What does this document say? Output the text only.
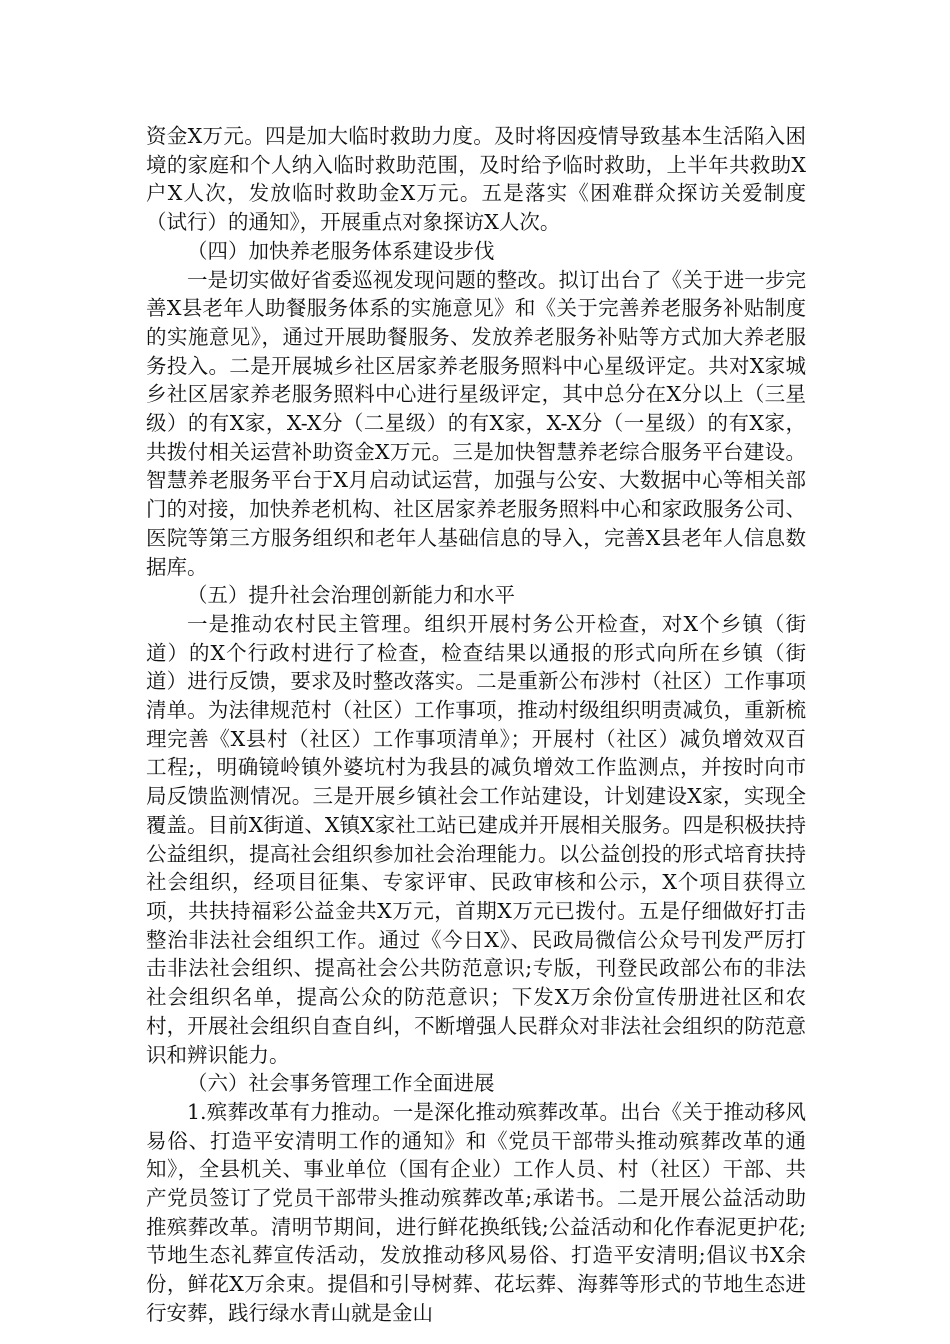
资金X万元。四是加大临时救助力度。及时将因疫情导致基本生活陷入困境的家庭和个人纳入临时救助范围，及时给予临时救助，上半年共救助X户X人次，发放临时救助金X万元。五是落实《困难群众探访关爱制度（试行）的通知》，开展重点对象探访X人次。

（四）加快养老服务体系建设步伐

一是切实做好省委巡视发现问题的整改。拟订出台了《关于进一步完善X县老年人助餐服务体系的实施意见》和《关于完善养老服务补贴制度的实施意见》，通过开展助餐服务、发放养老服务补贴等方式加大养老服务投入。二是开展城乡社区居家养老服务照料中心星级评定。共对X家城乡社区居家养老服务照料中心进行星级评定，其中总分在X分以上（三星级）的有X家，X-X分（二星级）的有X家，X-X分（一星级）的有X家，共拨付相关运营补助资金X万元。三是加快智慧养老综合服务平台建设。智慧养老服务平台于X月启动试运营，加强与公安、大数据中心等相关部门的对接，加快养老机构、社区居家养老服务照料中心和家政服务公司、医院等第三方服务组织和老年人基础信息的导入，完善X县老年人信息数据库。

（五）提升社会治理创新能力和水平

一是推动农村民主管理。组织开展村务公开检查，对X个乡镇（街道）的X个行政村进行了检查，检查结果以通报的形式向所在乡镇（街道）进行反馈，要求及时整改落实。二是重新公布涉村（社区）工作事项清单。为法律规范村（社区）工作事项，推动村级组织明责减负，重新梳理完善《X县村（社区）工作事项清单》；开展村（社区）减负增效双百工程;，明确镜岭镇外婆坑村为我县的减负增效工作监测点，并按时向市局反馈监测情况。三是开展乡镇社会工作站建设，计划建设X家，实现全覆盖。目前X街道、X镇X家社工站已建成并开展相关服务。四是积极扶持公益组织，提高社会组织参加社会治理能力。以公益创投的形式培育扶持社会组织，经项目征集、专家评审、民政审核和公示，X个项目获得立项，共扶持福彩公益金共X万元，首期X万元已拨付。五是仔细做好打击整治非法社会组织工作。通过《今日X》、民政局微信公众号刊发严厉打击非法社会组织、提高社会公共防范意识;专版，刊登民政部公布的非法社会组织名单，提高公众的防范意识；下发X万余份宣传册进社区和农村，开展社会组织自查自纠，不断增强人民群众对非法社会组织的防范意识和辨识能力。

（六）社会事务管理工作全面进展

1.殡葬改革有力推动。一是深化推动殡葬改革。出台《关于推动移风易俗、打造平安清明工作的通知》和《党员干部带头推动殡葬改革的通知》，全县机关、事业单位（国有企业）工作人员、村（社区）干部、共产党员签订了党员干部带头推动殡葬改革;承诺书。二是开展公益活动助推殡葬改革。清明节期间，进行鲜花换纸钱;公益活动和化作春泥更护花;节地生态礼葬宣传活动，发放推动移风易俗、打造平安清明;倡议书X余份，鲜花X万余束。提倡和引导树葬、花坛葬、海葬等形式的节地生态进行安葬，践行绿水青山就是金山
